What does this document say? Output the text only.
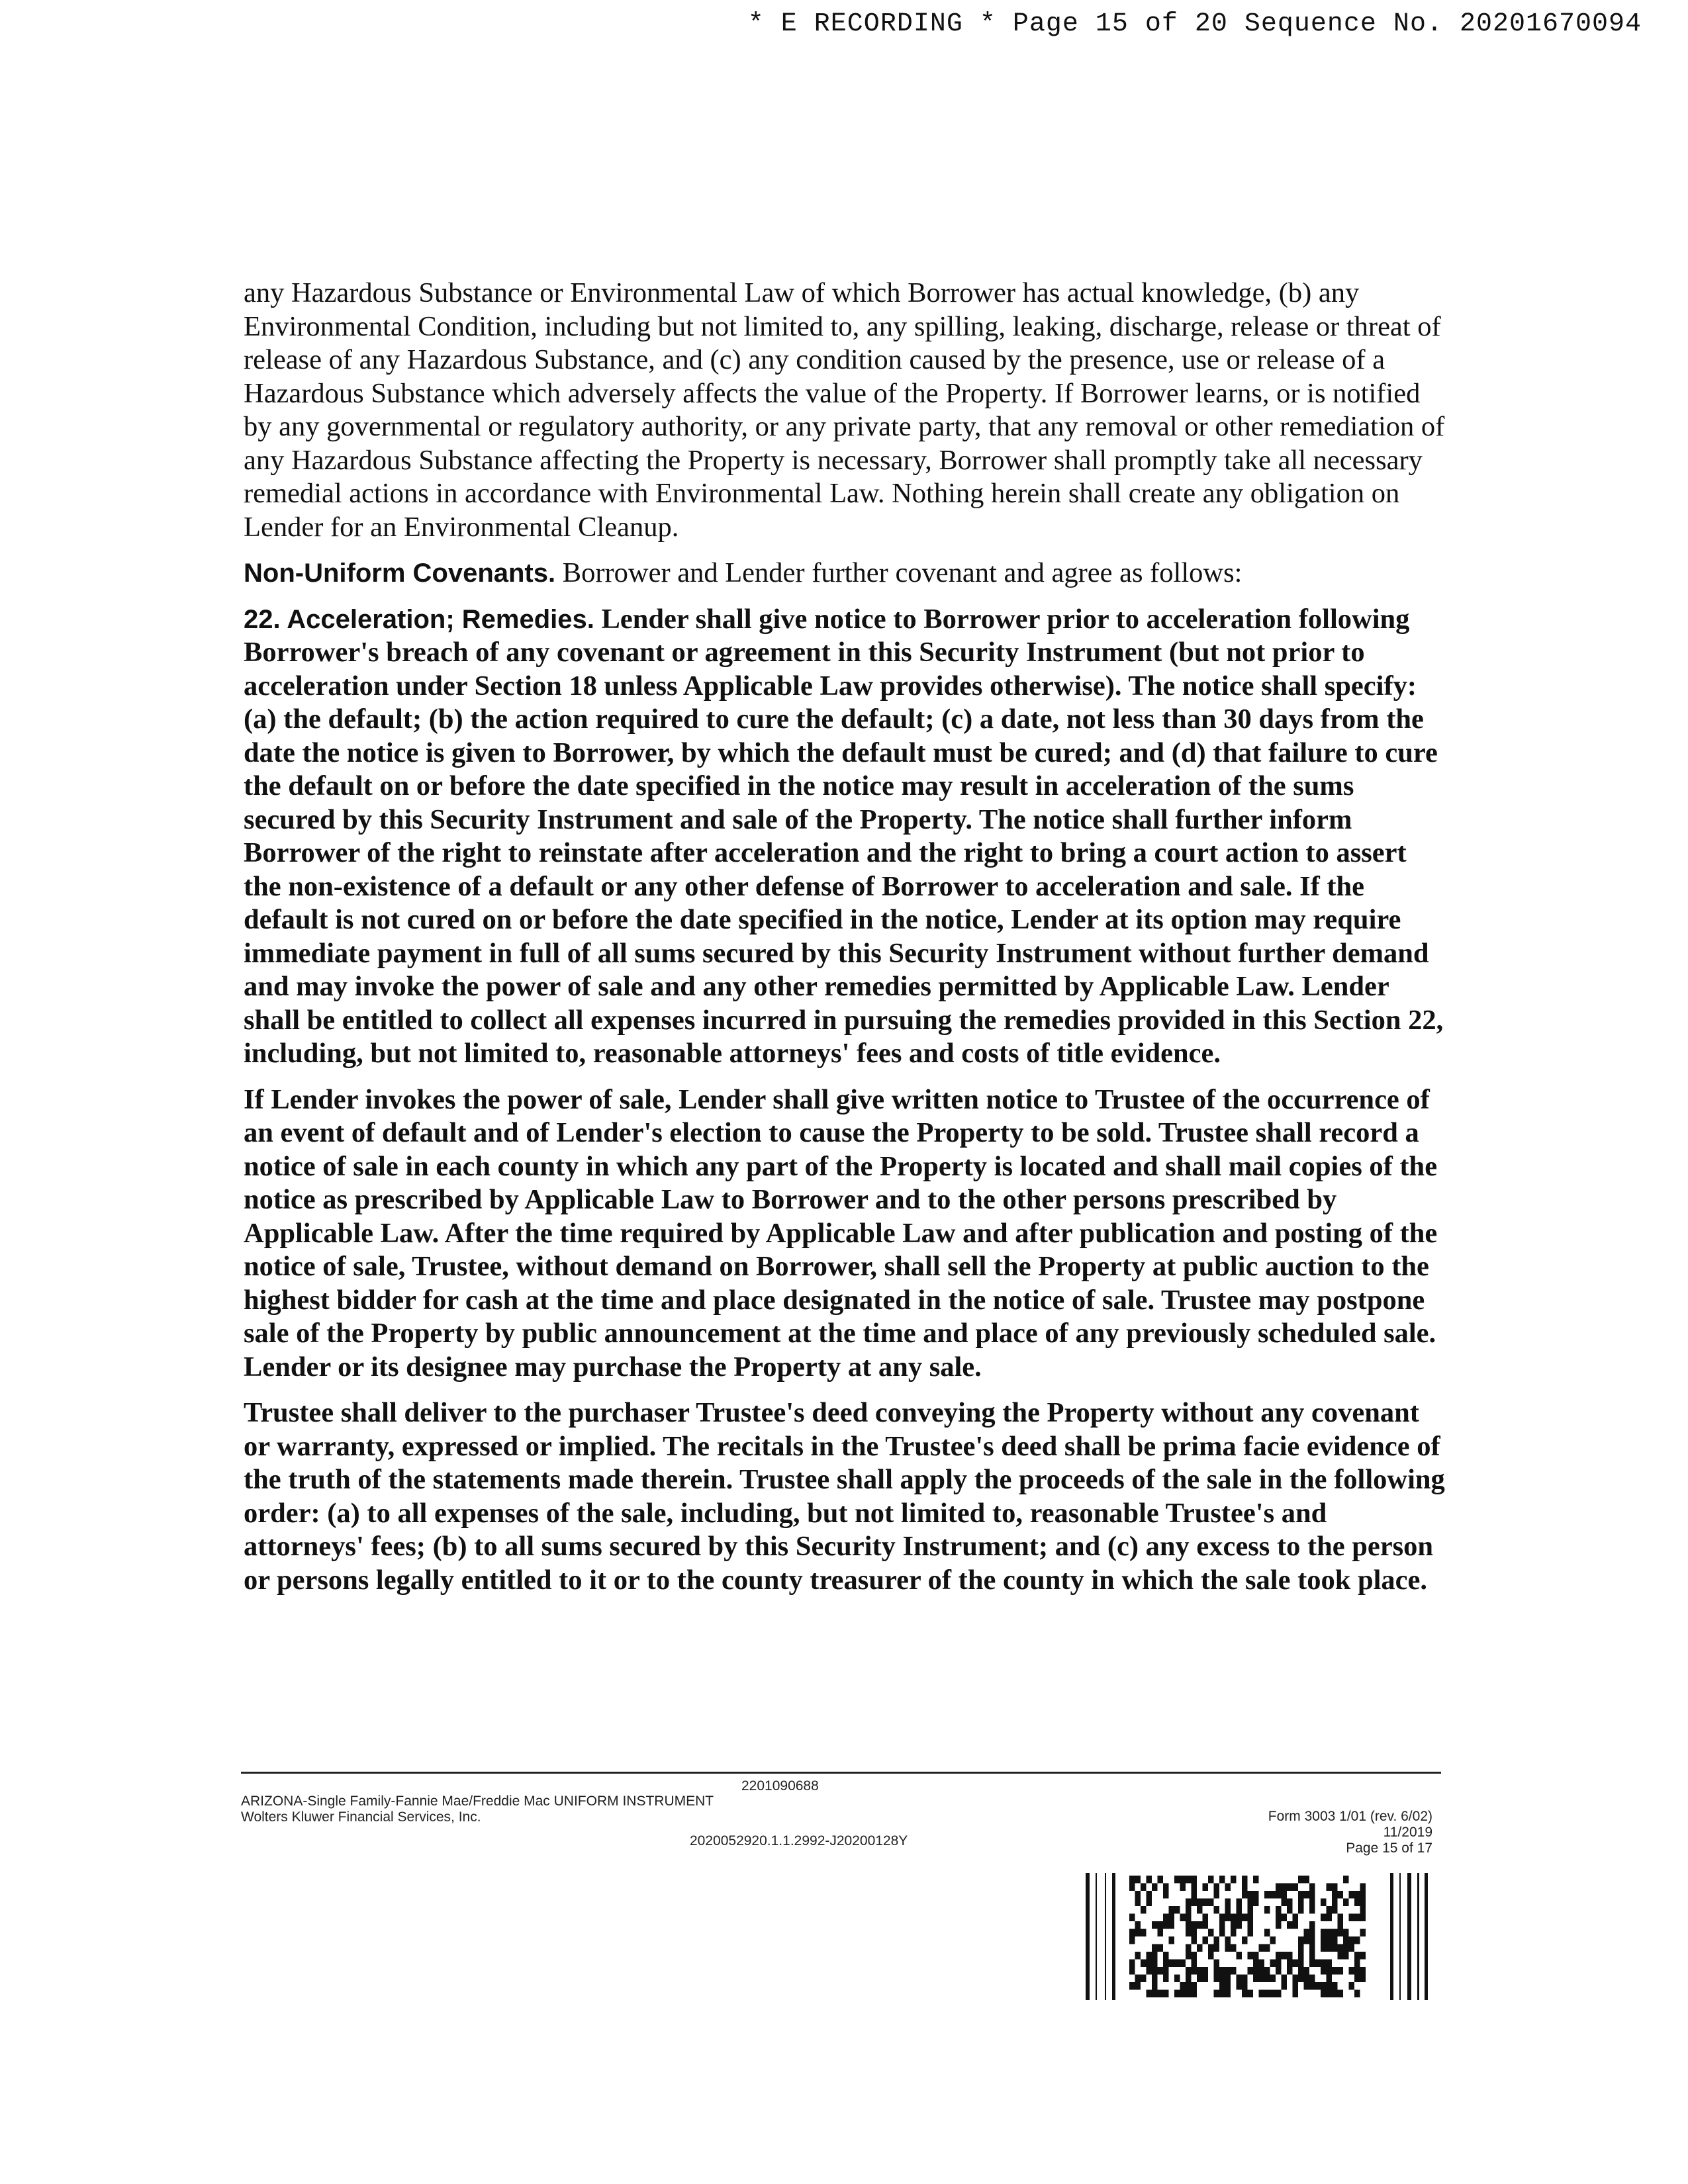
* E RECORDING * Page 15 of 20 Sequence No. 20201670094

any Hazardous Substance or Environmental Law of which Borrower has actual knowledge, (b) any Environmental Condition, including but not limited to, any spilling, leaking, discharge, release or threat of release of any Hazardous Substance, and (c) any condition caused by the presence, use or release of a Hazardous Substance which adversely affects the value of the Property. If Borrower learns, or is notified by any governmental or regulatory authority, or any private party, that any removal or other remediation of any Hazardous Substance affecting the Property is necessary, Borrower shall promptly take all necessary remedial actions in accordance with Environmental Law. Nothing herein shall create any obligation on Lender for an Environmental Cleanup.

Non-Uniform Covenants. Borrower and Lender further covenant and agree as follows:

22. Acceleration; Remedies. Lender shall give notice to Borrower prior to acceleration following Borrower's breach of any covenant or agreement in this Security Instrument (but not prior to acceleration under Section 18 unless Applicable Law provides otherwise). The notice shall specify: (a) the default; (b) the action required to cure the default; (c) a date, not less than 30 days from the date the notice is given to Borrower, by which the default must be cured; and (d) that failure to cure the default on or before the date specified in the notice may result in acceleration of the sums secured by this Security Instrument and sale of the Property. The notice shall further inform Borrower of the right to reinstate after acceleration and the right to bring a court action to assert the non-existence of a default or any other defense of Borrower to acceleration and sale. If the default is not cured on or before the date specified in the notice, Lender at its option may require immediate payment in full of all sums secured by this Security Instrument without further demand and may invoke the power of sale and any other remedies permitted by Applicable Law. Lender shall be entitled to collect all expenses incurred in pursuing the remedies provided in this Section 22, including, but not limited to, reasonable attorneys' fees and costs of title evidence.

If Lender invokes the power of sale, Lender shall give written notice to Trustee of the occurrence of an event of default and of Lender's election to cause the Property to be sold. Trustee shall record a notice of sale in each county in which any part of the Property is located and shall mail copies of the notice as prescribed by Applicable Law to Borrower and to the other persons prescribed by Applicable Law. After the time required by Applicable Law and after publication and posting of the notice of sale, Trustee, without demand on Borrower, shall sell the Property at public auction to the highest bidder for cash at the time and place designated in the notice of sale. Trustee may postpone sale of the Property by public announcement at the time and place of any previously scheduled sale. Lender or its designee may purchase the Property at any sale.

Trustee shall deliver to the purchaser Trustee's deed conveying the Property without any covenant or warranty, expressed or implied. The recitals in the Trustee's deed shall be prima facie evidence of the truth of the statements made therein. Trustee shall apply the proceeds of the sale in the following order: (a) to all expenses of the sale, including, but not limited to, reasonable Trustee's and attorneys' fees; (b) to all sums secured by this Security Instrument; and (c) any excess to the person or persons legally entitled to it or to the county treasurer of the county in which the sale took place.

2201090688
ARIZONA-Single Family-Fannie Mae/Freddie Mac UNIFORM INSTRUMENT
Wolters Kluwer Financial Services, Inc.
2020052920.1.1.2992-J20200128Y
Form 3003 1/01 (rev. 6/02)
11/2019
Page 15 of 17
